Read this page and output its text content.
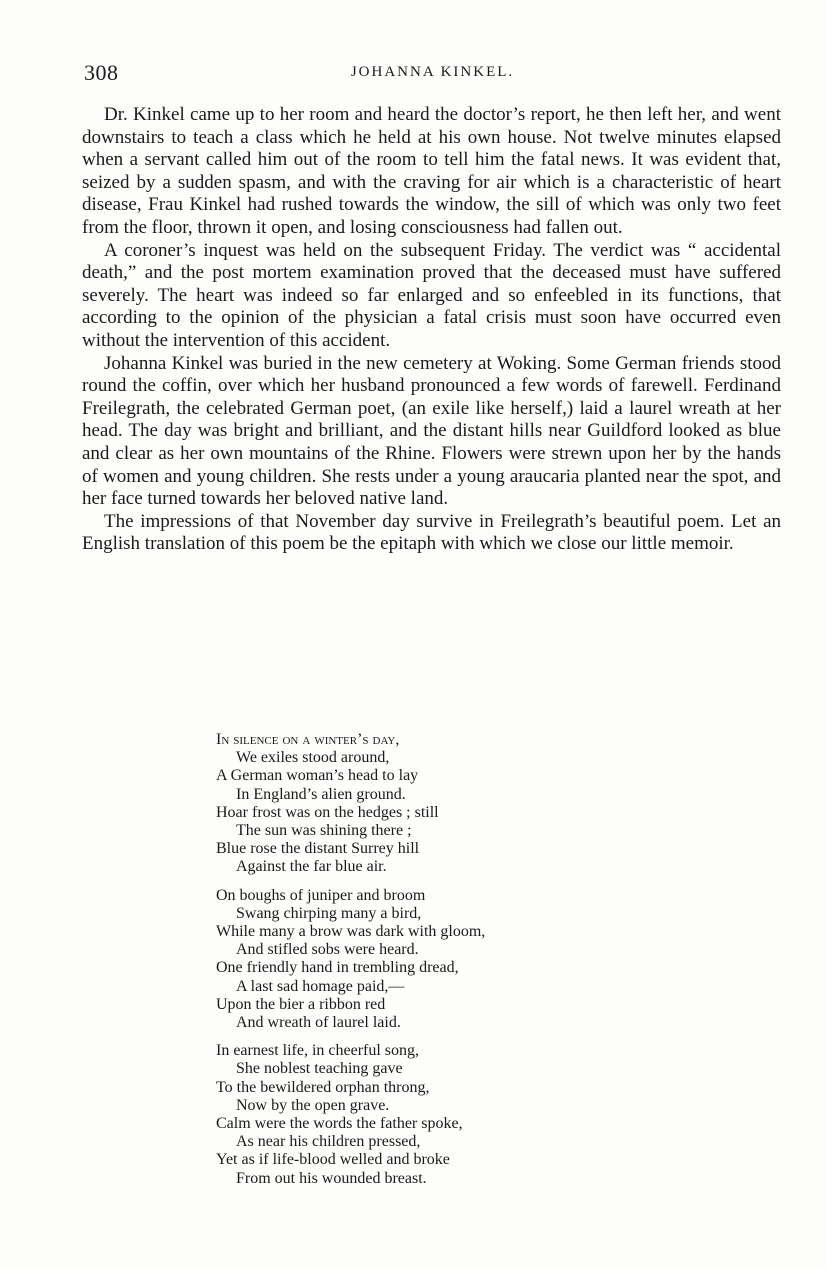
308	JOHANNA KINKEL.

Dr. Kinkel came up to her room and heard the doctor’s report, he then left her, and went downstairs to teach a class which he held at his own house. Not twelve minutes elapsed when a servant called him out of the room to tell him the fatal news. It was evident that, seized by a sudden spasm, and with the craving for air which is a characteristic of heart disease, Frau Kinkel had rushed towards the window, the sill of which was only two feet from the floor, thrown it open, and losing consciousness had fallen out.

A coroner’s inquest was held on the subsequent Friday. The verdict was “ accidental death,” and the post mortem examination proved that the deceased must have suffered severely. The heart was indeed so far enlarged and so enfeebled in its functions, that according to the opinion of the physician a fatal crisis must soon have occurred even without the intervention of this accident.

Johanna Kinkel was buried in the new cemetery at Woking. Some German friends stood round the coffin, over which her husband pronounced a few words of farewell. Ferdinand Freilegrath, the celebrated German poet, (an exile like herself,) laid a laurel wreath at her head. The day was bright and brilliant, and the distant hills near Guildford looked as blue and clear as her own mountains of the Rhine. Flowers were strewn upon her by the hands of women and young children. She rests under a young araucaria planted near the spot, and her face turned towards her beloved native land.

The impressions of that November day survive in Freilegrath’s beautiful poem. Let an English translation of this poem be the epitaph with which we close our little memoir.

In silence on a winter’s day,
We exiles stood around,
A German woman’s head to lay
In England’s alien ground.
Hoar frost was on the hedges ; still
The sun was shining there ;
Blue rose the distant Surrey hill
Against the far blue air.
On boughs of juniper and broom
Swang chirping many a bird,
While many a brow was dark with gloom,
And stifled sobs were heard.
One friendly hand in trembling dread,
A last sad homage paid,—
Upon the bier a ribbon red
And wreath of laurel laid.
In earnest life, in cheerful song,
She noblest teaching gave
To the bewildered orphan throng,
Now by the open grave.
Calm were the words the father spoke,
As near his children pressed,
Yet as if life-blood welled and broke
From out his wounded breast.
